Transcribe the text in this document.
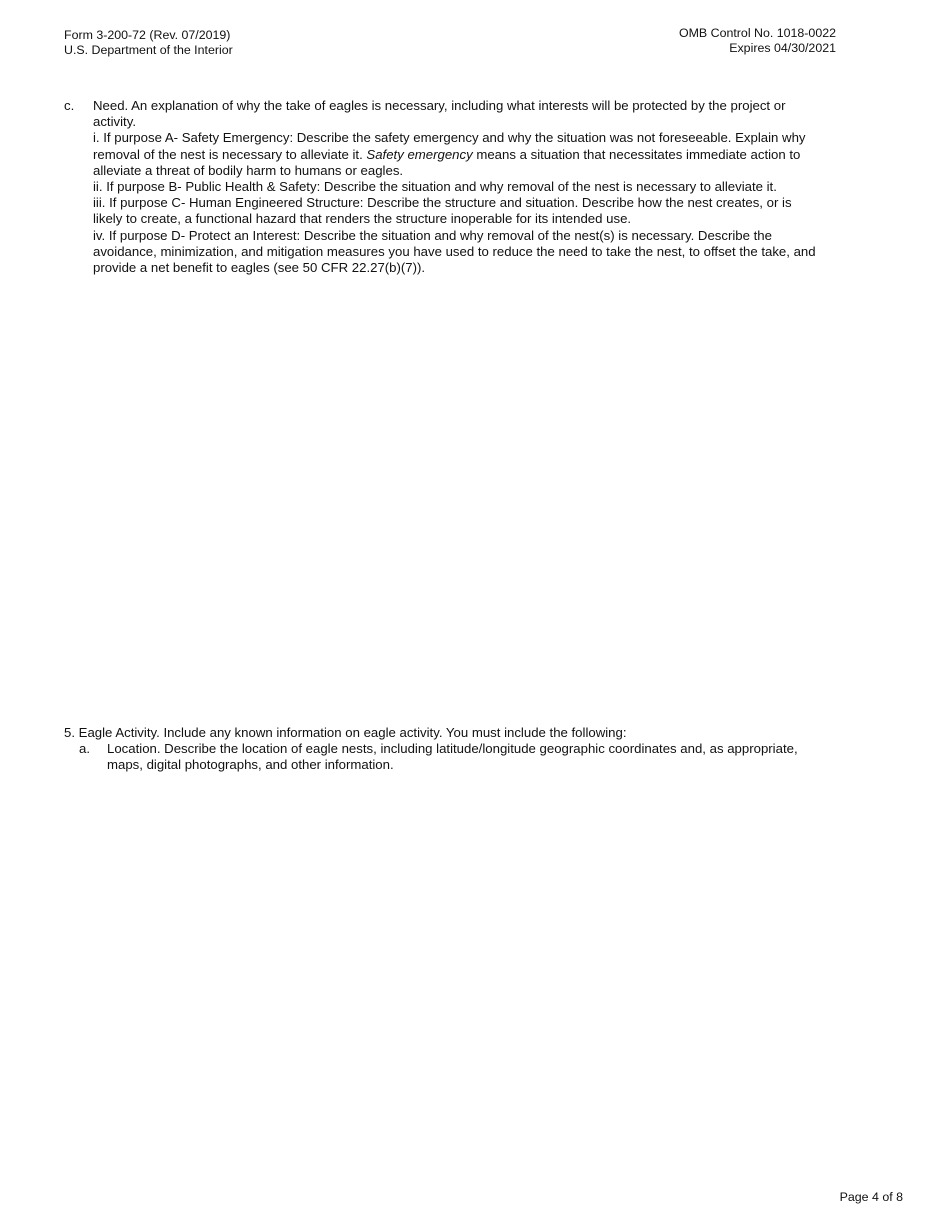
Form 3-200-72 (Rev. 07/2019)
U.S. Department of the Interior
OMB Control No. 1018-0022
Expires 04/30/2021
c. Need. An explanation of why the take of eagles is necessary, including what interests will be protected by the project or activity.

i. If purpose A- Safety Emergency: Describe the safety emergency and why the situation was not foreseeable. Explain why removal of the nest is necessary to alleviate it. Safety emergency means a situation that necessitates immediate action to alleviate a threat of bodily harm to humans or eagles.

ii. If purpose B- Public Health & Safety: Describe the situation and why removal of the nest is necessary to alleviate it.

iii. If purpose C- Human Engineered Structure: Describe the structure and situation. Describe how the nest creates, or is likely to create, a functional hazard that renders the structure inoperable for its intended use.

iv. If purpose D- Protect an Interest: Describe the situation and why removal of the nest(s) is necessary. Describe the avoidance, minimization, and mitigation measures you have used to reduce the need to take the nest, to offset the take, and provide a net benefit to eagles (see 50 CFR 22.27(b)(7)).

5. Eagle Activity. Include any known information on eagle activity. You must include the following:

a. Location. Describe the location of eagle nests, including latitude/longitude geographic coordinates and, as appropriate, maps, digital photographs, and other information.
Page 4 of 8
